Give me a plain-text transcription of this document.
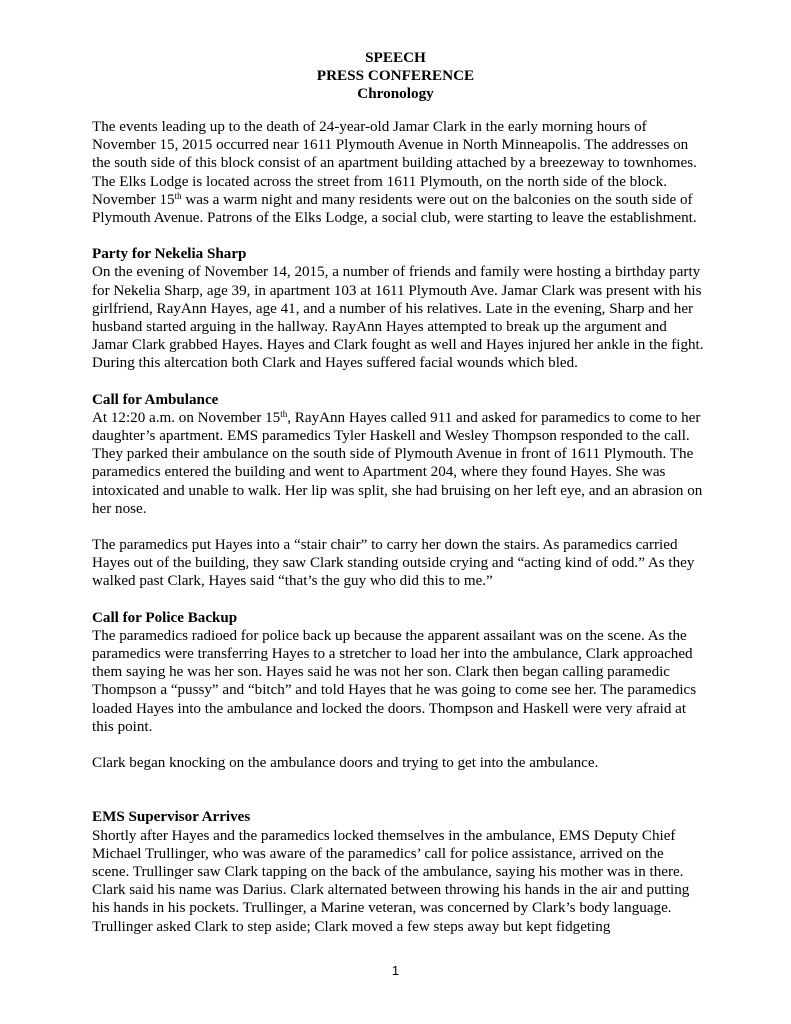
SPEECH
PRESS CONFERENCE
Chronology

The events leading up to the death of 24-year-old Jamar Clark in the early morning hours of November 15, 2015 occurred near 1611 Plymouth Avenue in North Minneapolis. The addresses on the south side of this block consist of an apartment building attached by a breezeway to townhomes. The Elks Lodge is located across the street from 1611 Plymouth, on the north side of the block. November 15th was a warm night and many residents were out on the balconies on the south side of Plymouth Avenue. Patrons of the Elks Lodge, a social club, were starting to leave the establishment.

Party for Nekelia Sharp

On the evening of November 14, 2015, a number of friends and family were hosting a birthday party for Nekelia Sharp, age 39, in apartment 103 at 1611 Plymouth Ave. Jamar Clark was present with his girlfriend, RayAnn Hayes, age 41, and a number of his relatives. Late in the evening, Sharp and her husband started arguing in the hallway. RayAnn Hayes attempted to break up the argument and Jamar Clark grabbed Hayes. Hayes and Clark fought as well and Hayes injured her ankle in the fight. During this altercation both Clark and Hayes suffered facial wounds which bled.

Call for Ambulance

At 12:20 a.m. on November 15th, RayAnn Hayes called 911 and asked for paramedics to come to her daughter’s apartment. EMS paramedics Tyler Haskell and Wesley Thompson responded to the call. They parked their ambulance on the south side of Plymouth Avenue in front of 1611 Plymouth. The paramedics entered the building and went to Apartment 204, where they found Hayes. She was intoxicated and unable to walk. Her lip was split, she had bruising on her left eye, and an abrasion on her nose.

The paramedics put Hayes into a “stair chair” to carry her down the stairs. As paramedics carried Hayes out of the building, they saw Clark standing outside crying and “acting kind of odd.” As they walked past Clark, Hayes said “that’s the guy who did this to me.”

Call for Police Backup

The paramedics radioed for police back up because the apparent assailant was on the scene. As the paramedics were transferring Hayes to a stretcher to load her into the ambulance, Clark approached them saying he was her son. Hayes said he was not her son. Clark then began calling paramedic Thompson a “pussy” and “bitch” and told Hayes that he was going to come see her. The paramedics loaded Hayes into the ambulance and locked the doors. Thompson and Haskell were very afraid at this point.

Clark began knocking on the ambulance doors and trying to get into the ambulance.

EMS Supervisor Arrives

Shortly after Hayes and the paramedics locked themselves in the ambulance, EMS Deputy Chief Michael Trullinger, who was aware of the paramedics’ call for police assistance, arrived on the scene. Trullinger saw Clark tapping on the back of the ambulance, saying his mother was in there. Clark said his name was Darius. Clark alternated between throwing his hands in the air and putting his hands in his pockets. Trullinger, a Marine veteran, was concerned by Clark’s body language. Trullinger asked Clark to step aside; Clark moved a few steps away but kept fidgeting

1
